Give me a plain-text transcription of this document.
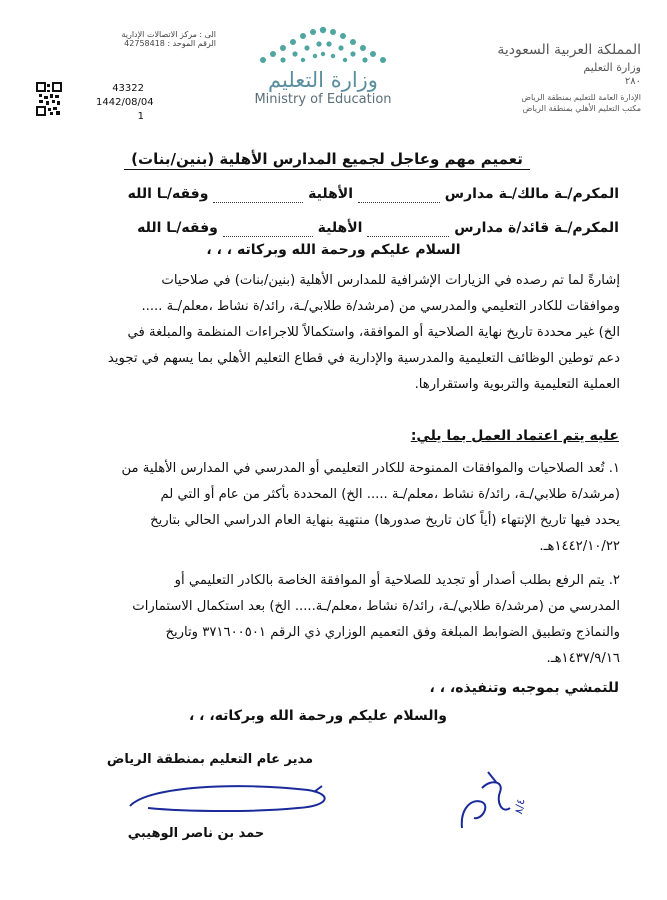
المملكة العربية السعودية
وزارة التعليم
٢٨٠
الإدارة العامة للتعليم بمنطقة الرياض
مكتب التعليم الأهلي بمنطقة الرياض
وزارة التعليم
Ministry of Education
الى : مركز الاتصالات الإدارية
الرقم الموحد : 42758418
43322
1442/08/04
1
تعميم مهم وعاجل لجميع المدارس الأهلية (بنين/بنات)
المكرم/ـة مالك/ـة مدارس   الأهلية   وفقه/ـا الله
المكرم/ـة قائد/ة مدارس   الأهلية   وفقه/ـا الله
السلام عليكم ورحمة الله وبركاته ، ، ،
إشارةً لما تم رصده في الزيارات الإشرافية للمدارس الأهلية (بنين/بنات) في صلاحيات
وموافقات للكادر التعليمي والمدرسي من (مرشد/ة طلابي/ـة، رائد/ة نشاط ،معلم/ـة .....
الخ) غير محددة تاريخ نهاية الصلاحية أو الموافقة، واستكمالاً للاجراءات المنظمة والمبلغة في
دعم توطين الوظائف التعليمية والمدرسية والإدارية في قطاع التعليم الأهلي بما يسهم في تجويد
العملية التعليمية والتربوية واستقرارها.
عليه يتم اعتماد العمل بما يلي:
١. تُعد الصلاحيات والموافقات الممنوحة للكادر التعليمي أو المدرسي في المدارس الأهلية من
(مرشد/ة طلابي/ـة، رائد/ة نشاط ،معلم/ـة ..... الخ) المحددة بأكثر من عام أو التي لم
يحدد فيها تاريخ الإنتهاء (أياً كان تاريخ صدورها) منتهية بنهاية العام الدراسي الحالي بتاريخ
١٤٤٢/١٠/٢٢هـ.
٢. يتم الرفع بطلب أصدار أو تجديد للصلاحية أو الموافقة الخاصة بالكادر التعليمي أو
المدرسي من (مرشد/ة طلابي/ـة، رائد/ة نشاط ،معلم/ـة..... الخ) بعد استكمال الاستمارات
والنماذج وتطبيق الضوابط المبلغة وفق التعميم الوزاري ذي الرقم ٣٧١٦٠٠٥٠١ وتاريخ
١٤٣٧/٩/١٦هـ.
للتمشي بموجبه وتنفيذه، ، ،
والسلام عليكم ورحمة الله وبركاته، ، ،
مدير عام التعليم بمنطقة الرياض
حمد بن ناصر الوهيبي
٨/٤
